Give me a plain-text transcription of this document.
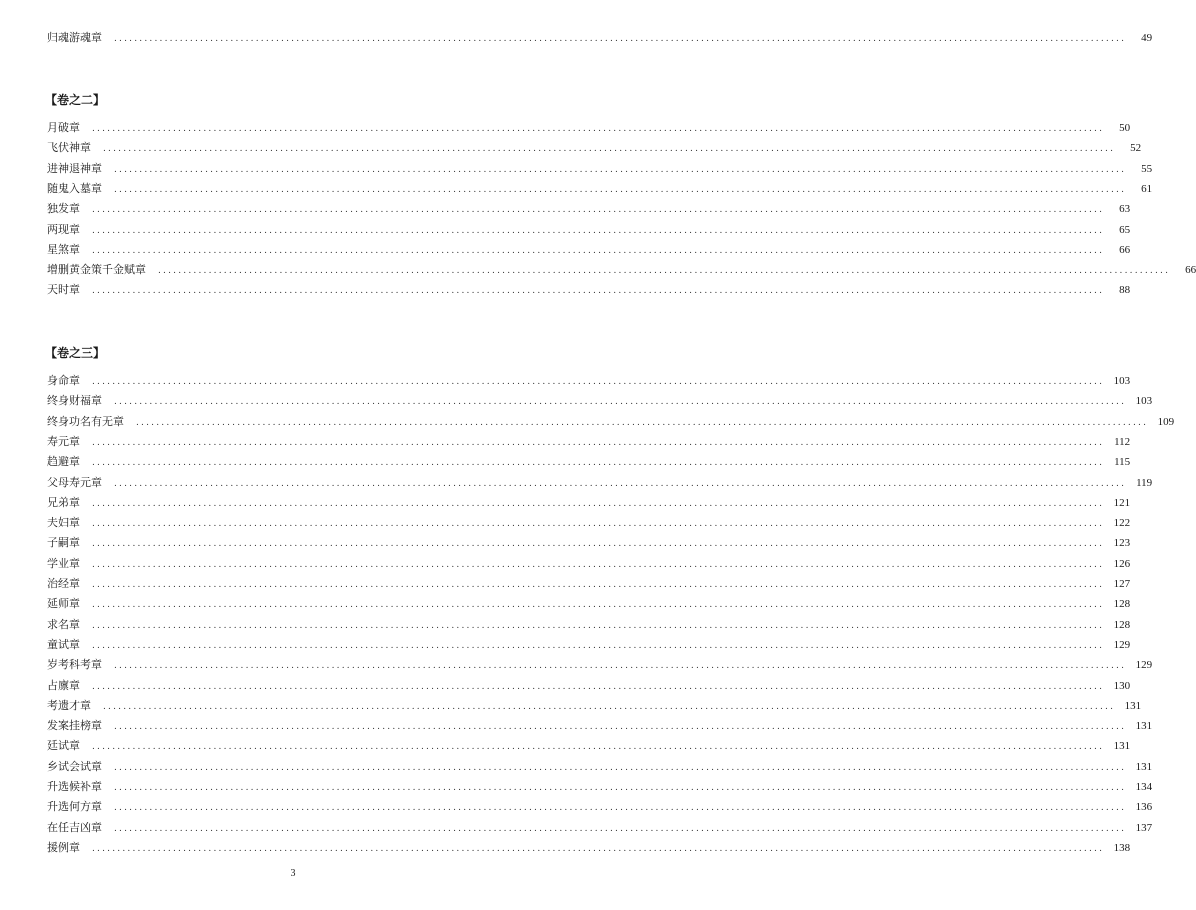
归魂游魂章 ........................................................................................................................................................................................................	49
【卷之二】
月破章 ........................................................................................................................................................................................................	50
飞伏神章 ........................................................................................................................................................................................................	52
进神退神章 ........................................................................................................................................................................................................	55
随鬼入墓章 ........................................................................................................................................................................................................	61
独发章 ........................................................................................................................................................................................................	63
两现章 ........................................................................................................................................................................................................	65
星煞章 ........................................................................................................................................................................................................	66
增删黄金策千金赋章 ........................................................................................................................................................................................................	66
天时章 ........................................................................................................................................................................................................	88
【卷之三】
身命章 ........................................................................................................................................................................................................ 103
终身财福章 ........................................................................................................................................................................................................ 103
终身功名有无章 ........................................................................................................................................................................................................ 109
寿元章 ........................................................................................................................................................................................................ 112
趋避章 ........................................................................................................................................................................................................ 115
父母寿元章 ........................................................................................................................................................................................................ 119
兄弟章 ........................................................................................................................................................................................................ 121
夫妇章 ........................................................................................................................................................................................................ 122
子嗣章 ........................................................................................................................................................................................................ 123
学业章 ........................................................................................................................................................................................................ 126
治经章 ........................................................................................................................................................................................................ 127
延师章 ........................................................................................................................................................................................................ 128
求名章 ........................................................................................................................................................................................................ 128
童试章 ........................................................................................................................................................................................................ 129
岁考科考章 ........................................................................................................................................................................................................ 129
占廪章 ........................................................................................................................................................................................................ 130
考遗才章 ........................................................................................................................................................................................................ 131
发案挂榜章 ........................................................................................................................................................................................................ 131
廷试章 ........................................................................................................................................................................................................ 131
乡试会试章 ........................................................................................................................................................................................................ 131
升选候补章 ........................................................................................................................................................................................................ 134
升选何方章 ........................................................................................................................................................................................................ 136
在任吉凶章 ........................................................................................................................................................................................................ 137
援例章 ........................................................................................................................................................................................................ 138
3
